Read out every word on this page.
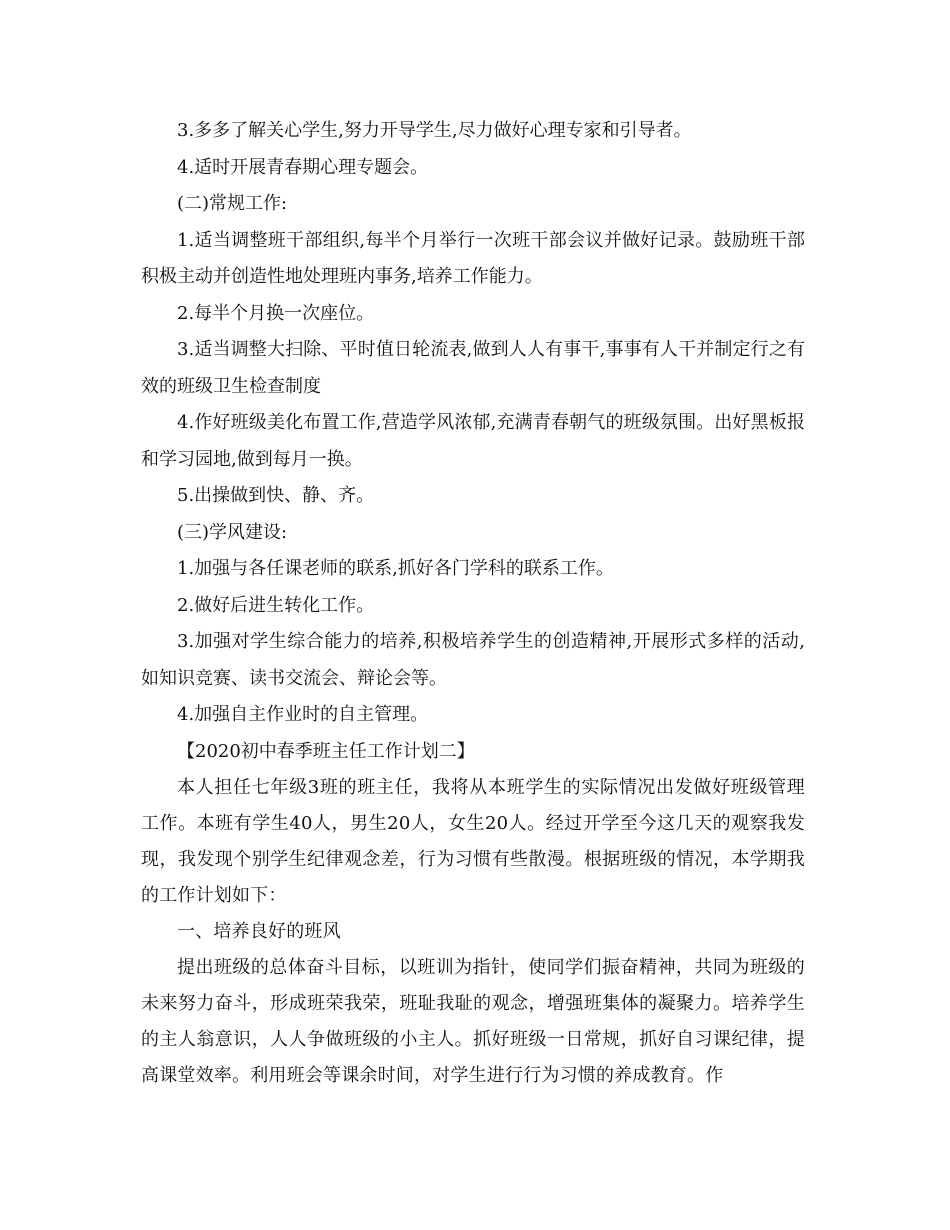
3.多多了解关心学生,努力开导学生,尽力做好心理专家和引导者。

4.适时开展青春期心理专题会。

(二)常规工作:

1.适当调整班干部组织,每半个月举行一次班干部会议并做好记录。鼓励班干部积极主动并创造性地处理班内事务,培养工作能力。

2.每半个月换一次座位。

3.适当调整大扫除、平时值日轮流表,做到人人有事干,事事有人干并制定行之有效的班级卫生检查制度

4.作好班级美化布置工作,营造学风浓郁,充满青春朝气的班级氛围。出好黑板报和学习园地,做到每月一换。

5.出操做到快、静、齐。

(三)学风建设:

1.加强与各任课老师的联系,抓好各门学科的联系工作。

2.做好后进生转化工作。

3.加强对学生综合能力的培养,积极培养学生的创造精神,开展形式多样的活动,如知识竞赛、读书交流会、辩论会等。

4.加强自主作业时的自主管理。

【2020初中春季班主任工作计划二】

本人担任七年级3班的班主任，我将从本班学生的实际情况出发做好班级管理工作。本班有学生40人，男生20人，女生20人。经过开学至今这几天的观察我发现，我发现个别学生纪律观念差，行为习惯有些散漫。根据班级的情况，本学期我的工作计划如下：

一、培养良好的班风

提出班级的总体奋斗目标，以班训为指针，使同学们振奋精神，共同为班级的未来努力奋斗，形成班荣我荣，班耻我耻的观念，增强班集体的凝聚力。培养学生的主人翁意识，人人争做班级的小主人。抓好班级一日常规，抓好自习课纪律，提高课堂效率。利用班会等课余时间，对学生进行行为习惯的养成教育。作
